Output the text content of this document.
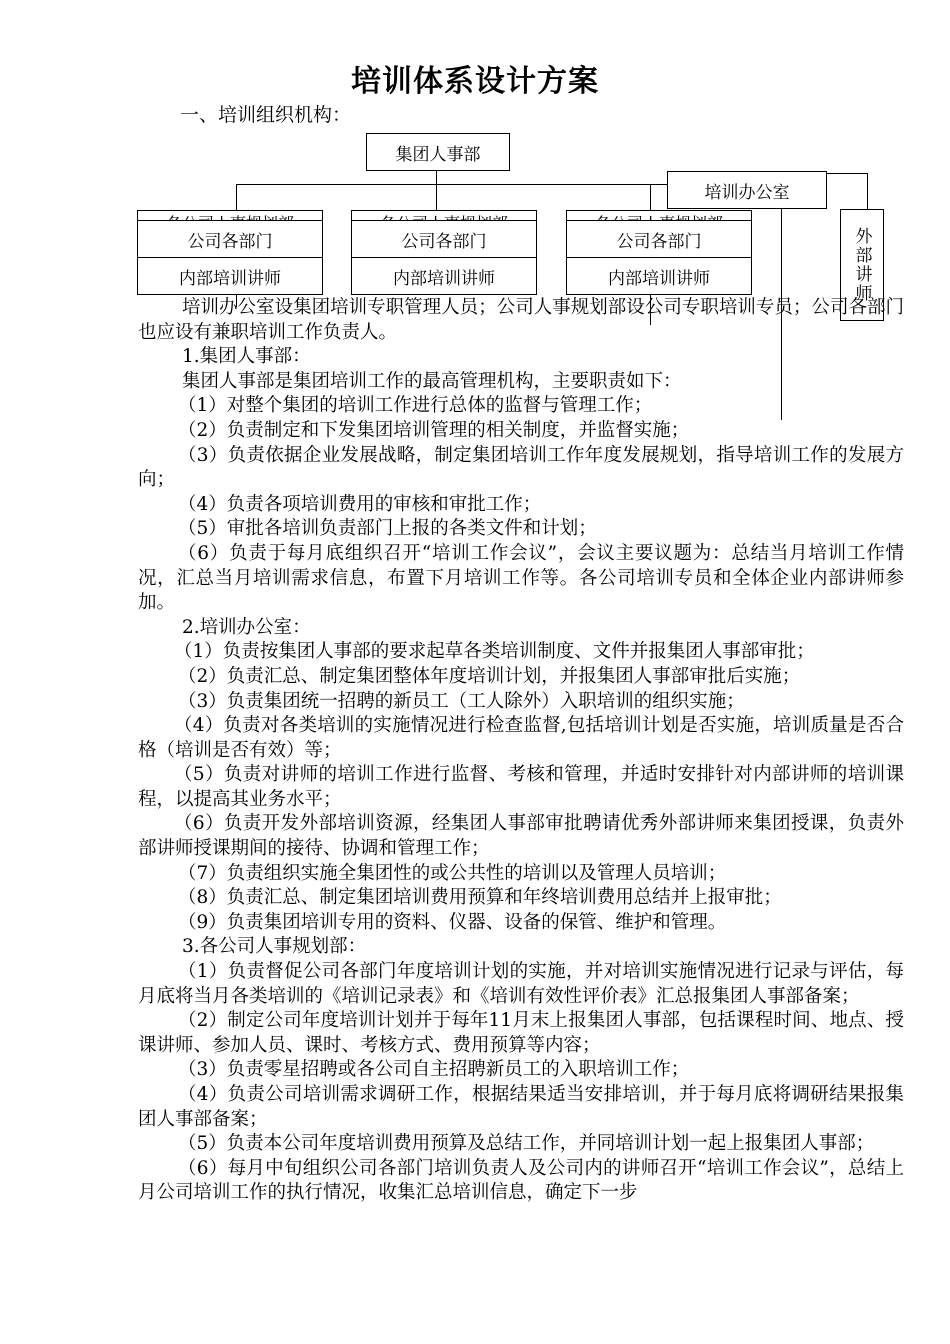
培训体系设计方案
一、培训组织机构：
集团人事部
培训办公室
外部讲师
公司各部门	公司各部门	公司各部门
内部培训讲师	内部培训讲师	内部培训讲师

培训办公室设集团培训专职管理人员；公司人事规划部设公司专职培训专员；公司各部门也应设有兼职培训工作负责人。

1.集团人事部：

集团人事部是集团培训工作的最高管理机构，主要职责如下：

（1）对整个集团的培训工作进行总体的监督与管理工作；

（2）负责制定和下发集团培训管理的相关制度，并监督实施；

（3）负责依据企业发展战略，制定集团培训工作年度发展规划，指导培训工作的发展方向；

（4）负责各项培训费用的审核和审批工作；

（5）审批各培训负责部门上报的各类文件和计划；

（6）负责于每月底组织召开“培训工作会议”，会议主要议题为：总结当月培训工作情况，汇总当月培训需求信息，布置下月培训工作等。各公司培训专员和全体企业内部讲师参加。

2.培训办公室：

（1）负责按集团人事部的要求起草各类培训制度、文件并报集团人事部审批；

（2）负责汇总、制定集团整体年度培训计划，并报集团人事部审批后实施；

（3）负责集团统一招聘的新员工（工人除外）入职培训的组织实施；

（4）负责对各类培训的实施情况进行检查监督,包括培训计划是否实施，培训质量是否合格（培训是否有效）等；

（5）负责对讲师的培训工作进行监督、考核和管理，并适时安排针对内部讲师的培训课程，以提高其业务水平；

（6）负责开发外部培训资源，经集团人事部审批聘请优秀外部讲师来集团授课，负责外部讲师授课期间的接待、协调和管理工作；

（7）负责组织实施全集团性的或公共性的培训以及管理人员培训；

（8）负责汇总、制定集团培训费用预算和年终培训费用总结并上报审批；

（9）负责集团培训专用的资料、仪器、设备的保管、维护和管理。

3.各公司人事规划部：

（1）负责督促公司各部门年度培训计划的实施，并对培训实施情况进行记录与评估，每月底将当月各类培训的《培训记录表》和《培训有效性评价表》汇总报集团人事部备案；

（2）制定公司年度培训计划并于每年11月末上报集团人事部，包括课程时间、地点、授课讲师、参加人员、课时、考核方式、费用预算等内容；

（3）负责零星招聘或各公司自主招聘新员工的入职培训工作；

（4）负责公司培训需求调研工作，根据结果适当安排培训，并于每月底将调研结果报集团人事部备案；

（5）负责本公司年度培训费用预算及总结工作，并同培训计划一起上报集团人事部；

（6）每月中旬组织公司各部门培训负责人及公司内的讲师召开“培训工作会议”，总结上月公司培训工作的执行情况，收集汇总培训信息，确定下一步
